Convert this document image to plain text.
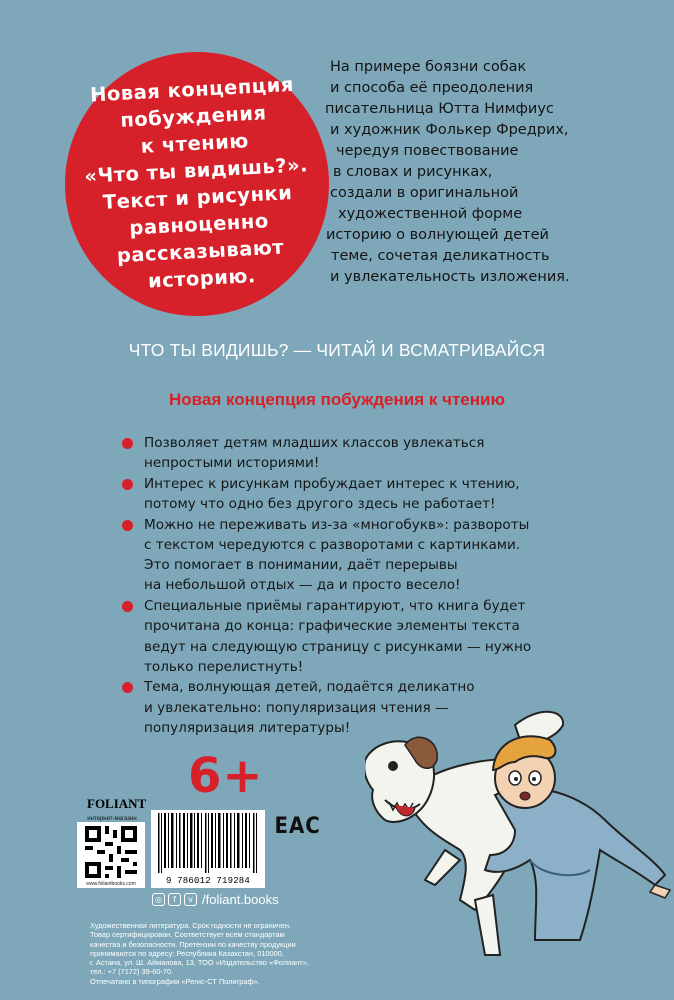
Новая концепция
побуждения
к чтению
«Что ты видишь?».
Текст и рисунки
равноценно
рассказывают
историю.
На примере боязни собак
и способа её преодоления
писательница Ютта Нимфиус
и художник Фолькер Фредрих,
чередуя повествование
в словах и рисунках,
создали в оригинальной
художественной форме
историю о волнующей детей
теме, сочетая деликатность
и увлекательность изложения.
ЧТО ТЫ ВИДИШЬ? — ЧИТАЙ И ВСМАТРИВАЙСЯ
Новая концепция побуждения к чтению
Позволяет детям младших классов увлекаться
непростыми историями!
Интерес к рисункам пробуждает интерес к чтению,
потому что одно без другого здесь не работает!
Можно не переживать из-за «многобукв»: развороты
с текстом чередуются с разворотами с картинками.
Это помогает в понимании, даёт перерывы
на небольшой отдых — да и просто весело!
Специальные приёмы гарантируют, что книга будет
прочитана до конца: графические элементы текста
ведут на следующую страницу с рисунками — нужно
только перелистнуть!
Тема, волнующая детей, подаётся деликатно
и увлекательно: популяризация чтения —
популяризация литературы!
6+
FOLIANT
интернет-магазин
www.foliantbooks.com	9 786012 719284
EAC
◎	f	v /foliant.books
Художественная литература. Срок годности не ограничен.
Товар сертифицирован. Соответствует всем стандартам
качества и безопасности. Претензии по качеству продукции
принимаются по адресу: Республика Казахстан, 010000,
г. Астана, ул. Ш. Айманова, 13, ТОО «Издательство «Фолиант»,
тел.: +7 (7172) 39-60-70.
Отпечатано в типографии «Регис-СТ Полиграф».
